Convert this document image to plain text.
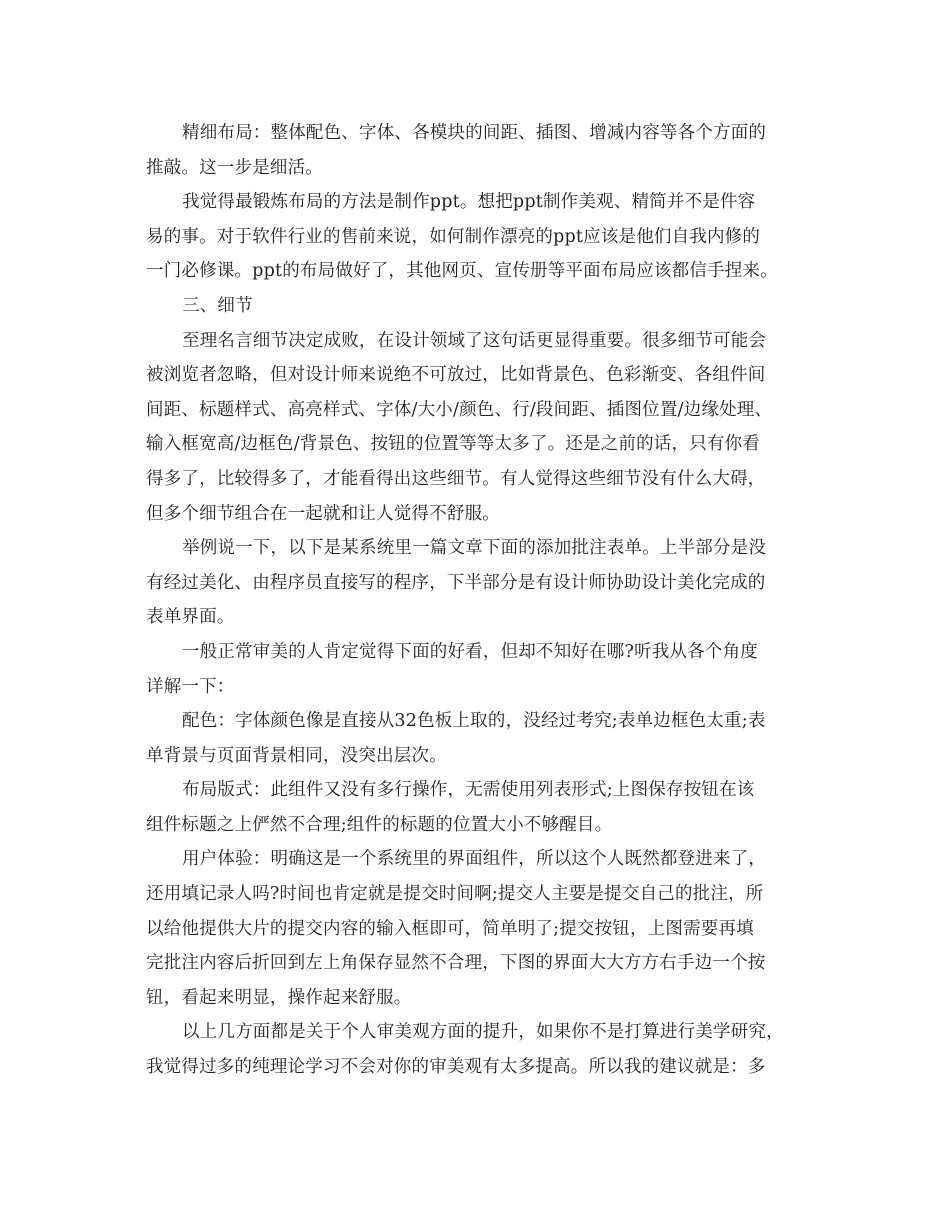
精细布局：整体配色、字体、各模块的间距、插图、增减内容等各个方面的
推敲。这一步是细活。
我觉得最锻炼布局的方法是制作ppt。想把ppt制作美观、精简并不是件容
易的事。对于软件行业的售前来说，如何制作漂亮的ppt应该是他们自我内修的
一门必修课。ppt的布局做好了，其他网页、宣传册等平面布局应该都信手捏来。
三、细节
至理名言细节决定成败，在设计领域了这句话更显得重要。很多细节可能会
被浏览者忽略，但对设计师来说绝不可放过，比如背景色、色彩渐变、各组件间
间距、标题样式、高亮样式、字体/大小/颜色、行/段间距、插图位置/边缘处理、
输入框宽高/边框色/背景色、按钮的位置等等太多了。还是之前的话，只有你看
得多了，比较得多了，才能看得出这些细节。有人觉得这些细节没有什么大碍，
但多个细节组合在一起就和让人觉得不舒服。
举例说一下，以下是某系统里一篇文章下面的添加批注表单。上半部分是没
有经过美化、由程序员直接写的程序，下半部分是有设计师协助设计美化完成的
表单界面。
一般正常审美的人肯定觉得下面的好看，但却不知好在哪?听我从各个角度
详解一下：
配色：字体颜色像是直接从32色板上取的，没经过考究;表单边框色太重;表
单背景与页面背景相同，没突出层次。
布局版式：此组件又没有多行操作，无需使用列表形式;上图保存按钮在该
组件标题之上俨然不合理;组件的标题的位置大小不够醒目。
用户体验：明确这是一个系统里的界面组件，所以这个人既然都登进来了，
还用填记录人吗?时间也肯定就是提交时间啊;提交人主要是提交自己的批注，所
以给他提供大片的提交内容的输入框即可，简单明了;提交按钮，上图需要再填
完批注内容后折回到左上角保存显然不合理，下图的界面大大方方右手边一个按
钮，看起来明显，操作起来舒服。
以上几方面都是关于个人审美观方面的提升，如果你不是打算进行美学研究，
我觉得过多的纯理论学习不会对你的审美观有太多提高。所以我的建议就是：多
